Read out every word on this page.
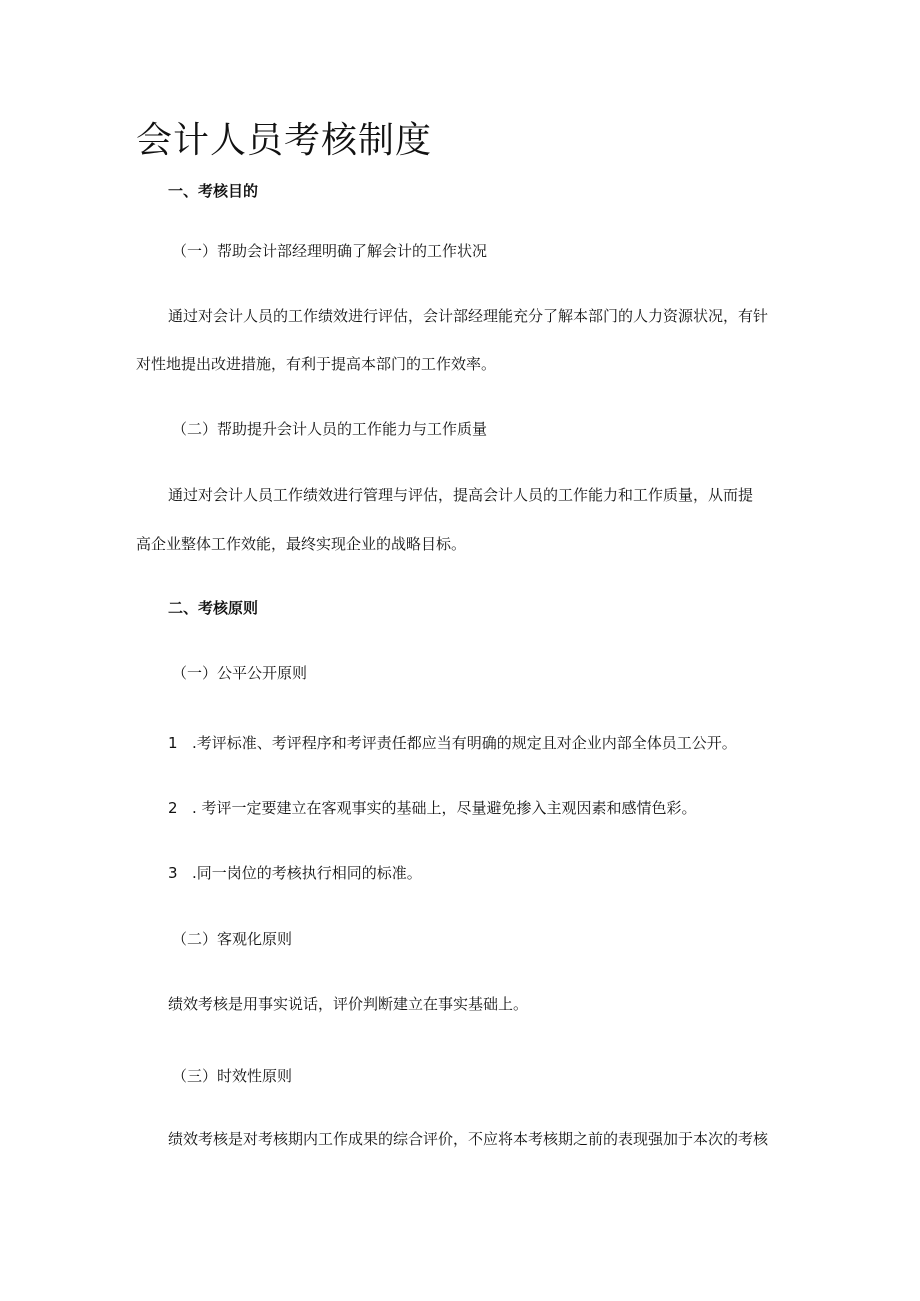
会计人员考核制度
一、考核目的
（一）帮助会计部经理明确了解会计的工作状况
通过对会计人员的工作绩效进行评估，会计部经理能充分了解本部门的人力资源状况，有针
对性地提出改进措施，有利于提高本部门的工作效率。
（二）帮助提升会计人员的工作能力与工作质量
通过对会计人员工作绩效进行管理与评估，提高会计人员的工作能力和工作质量，从而提
高企业整体工作效能，最终实现企业的战略目标。
二、考核原则
（一）公平公开原则
1 .考评标准、考评程序和考评责任都应当有明确的规定且对企业内部全体员工公开。
2 . 考评一定要建立在客观事实的基础上，尽量避免掺入主观因素和感情色彩。
3 .同一岗位的考核执行相同的标准。
（二）客观化原则
绩效考核是用事实说话，评价判断建立在事实基础上。
（三）时效性原则
绩效考核是对考核期内工作成果的综合评价，不应将本考核期之前的表现强加于本次的考核
